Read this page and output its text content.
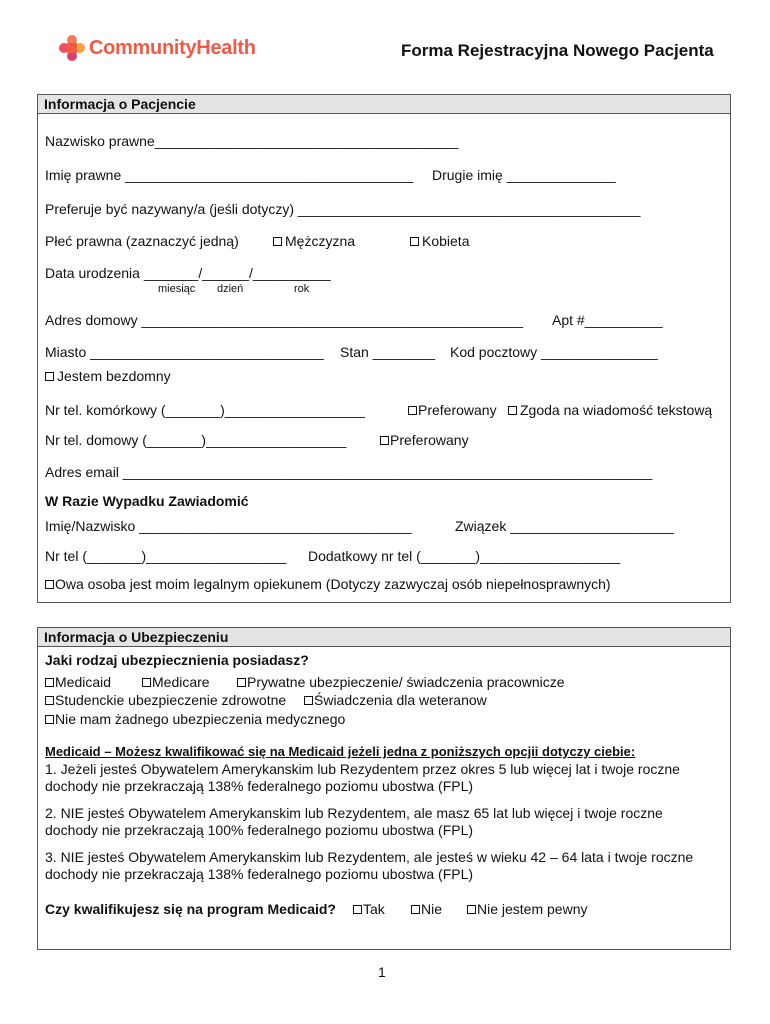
CommunityHealth	Forma Rejestracyjna Nowego Pacjenta
Informacja o Pacjencie
Nazwisko prawne_______________________________________
Imię prawne _____________________________________ Drugie imię ______________
Preferuje być nazywany/a (jeśli dotyczy) ____________________________________________
Płeć prawna (zaznaczyć jedną)	Mężczyzna	Kobieta
Data urodzenia _______/______/__________
miesiąc dzień	rok
Adres domowy _________________________________________________ Apt #__________
Miasto ______________________________ Stan ________ Kod pocztowy _______________
Jestem bezdomny
Nr tel. komórkowy (_______)__________________	Preferowany	Zgoda na wiadomość tekstową
Nr tel. domowy (_______)__________________	Preferowany
Adres email ____________________________________________________________________
W Razie Wypadku Zawiadomić
Imię/Nazwisko ___________________________________	Związek _____________________
Nr tel (_______)__________________ Dodatkowy nr tel (_______)__________________
Owa osoba jest moim legalnym opiekunem (Dotyczy zazwyczaj osób niepełnosprawnych)
Informacja o Ubezpieczeniu
Jaki rodzaj ubezpiecznienia posiadasz?
Medicaid	Medicare	Prywatne ubezpieczenie/ świadczenia pracownicze
Studenckie ubezpieczenie zdrowotne	Świadczenia dla weteranow
Nie mam żadnego ubezpieczenia medycznego
Medicaid – Możesz kwalifikować się na Medicaid jeżeli jedna z poniższych opcjii dotyczy ciebie:
1. Jeżeli jesteś Obywatelem Amerykanskim lub Rezydentem przez okres 5 lub więcej lat i twoje roczne
dochody nie przekraczają 138% federalnego poziomu ubostwa (FPL)
2. NIE jesteś Obywatelem Amerykanskim lub Rezydentem, ale masz 65 lat lub więcej i twoje roczne
dochody nie przekraczają 100% federalnego poziomu ubostwa (FPL)
3. NIE jesteś Obywatelem Amerykanskim lub Rezydentem, ale jesteś w wieku 42 – 64 lata i twoje roczne
dochody nie przekraczają 138% federalnego poziomu ubostwa (FPL)
Czy kwalifikujesz się na program Medicaid?	Tak	Nie	Nie jestem pewny
1
